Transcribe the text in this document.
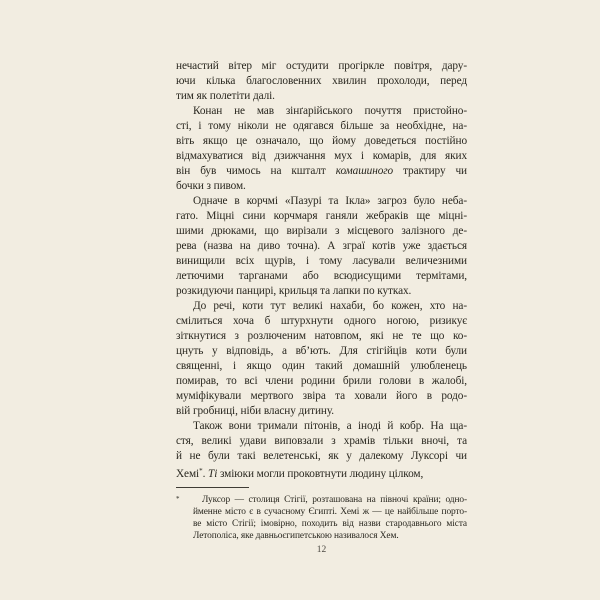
нечастий вітер міг остудити прогіркле повітря, дару-
ючи кілька благословенних хвилин прохолоди, перед
тим як полетіти далі.
Конан не мав зінґарійського почуття пристойно-
сті, і тому ніколи не одягався більше за необхідне, на-
віть якщо це означало, що йому доведеться постійно
відмахуватися від дзижчання мух і комарів, для яких
він був чимось на кшталт комашиного трактиру чи
бочки з пивом.
Одначе в корчмі «Пазурі та Ікла» загроз було неба-
гато. Міцні сини корчмаря ганяли жебраків ще міцні-
шими дрюками, що вирізали з місцевого залізного де-
рева (назва на диво точна). А зграї котів уже здається
винищили всіх щурів, і тому ласували величезними
летючими тарганами або всюдисущими термітами,
розкидуючи панцирі, крильця та лапки по кутках.
До речі, коти тут великі нахаби, бо кожен, хто на-
смілиться хоча б штурхнути одного ногою, ризикує
зіткнутися з розлюченим натовпом, які не те що ко-
цнуть у відповідь, а вб’ють. Для стігійців коти були
священні, і якщо один такий домашній улюбленець
помирав, то всі члени родини брили голови в жалобі,
муміфікували мертвого звіра та ховали його в родо-
вій гробниці, ніби власну дитину.
Також вони тримали пітонів, а іноді й кобр. На ща-
стя, великі удави виповзали з храмів тільки вночі, та
й не були такі велетенські, як у далекому Луксорі чи
Хемі*. Ті зміюки могли проковтнути людину цілком,
*	Луксор — столиця Стігії, розташована на півночі країни; одно-
йменне місто є в сучасному Єгипті. Хемі ж — це найбільше порто-
ве місто Стігії; імовірно, походить від назви стародавнього міста
Летополіса, яке давньоєгипетською називалося Хем.
12
